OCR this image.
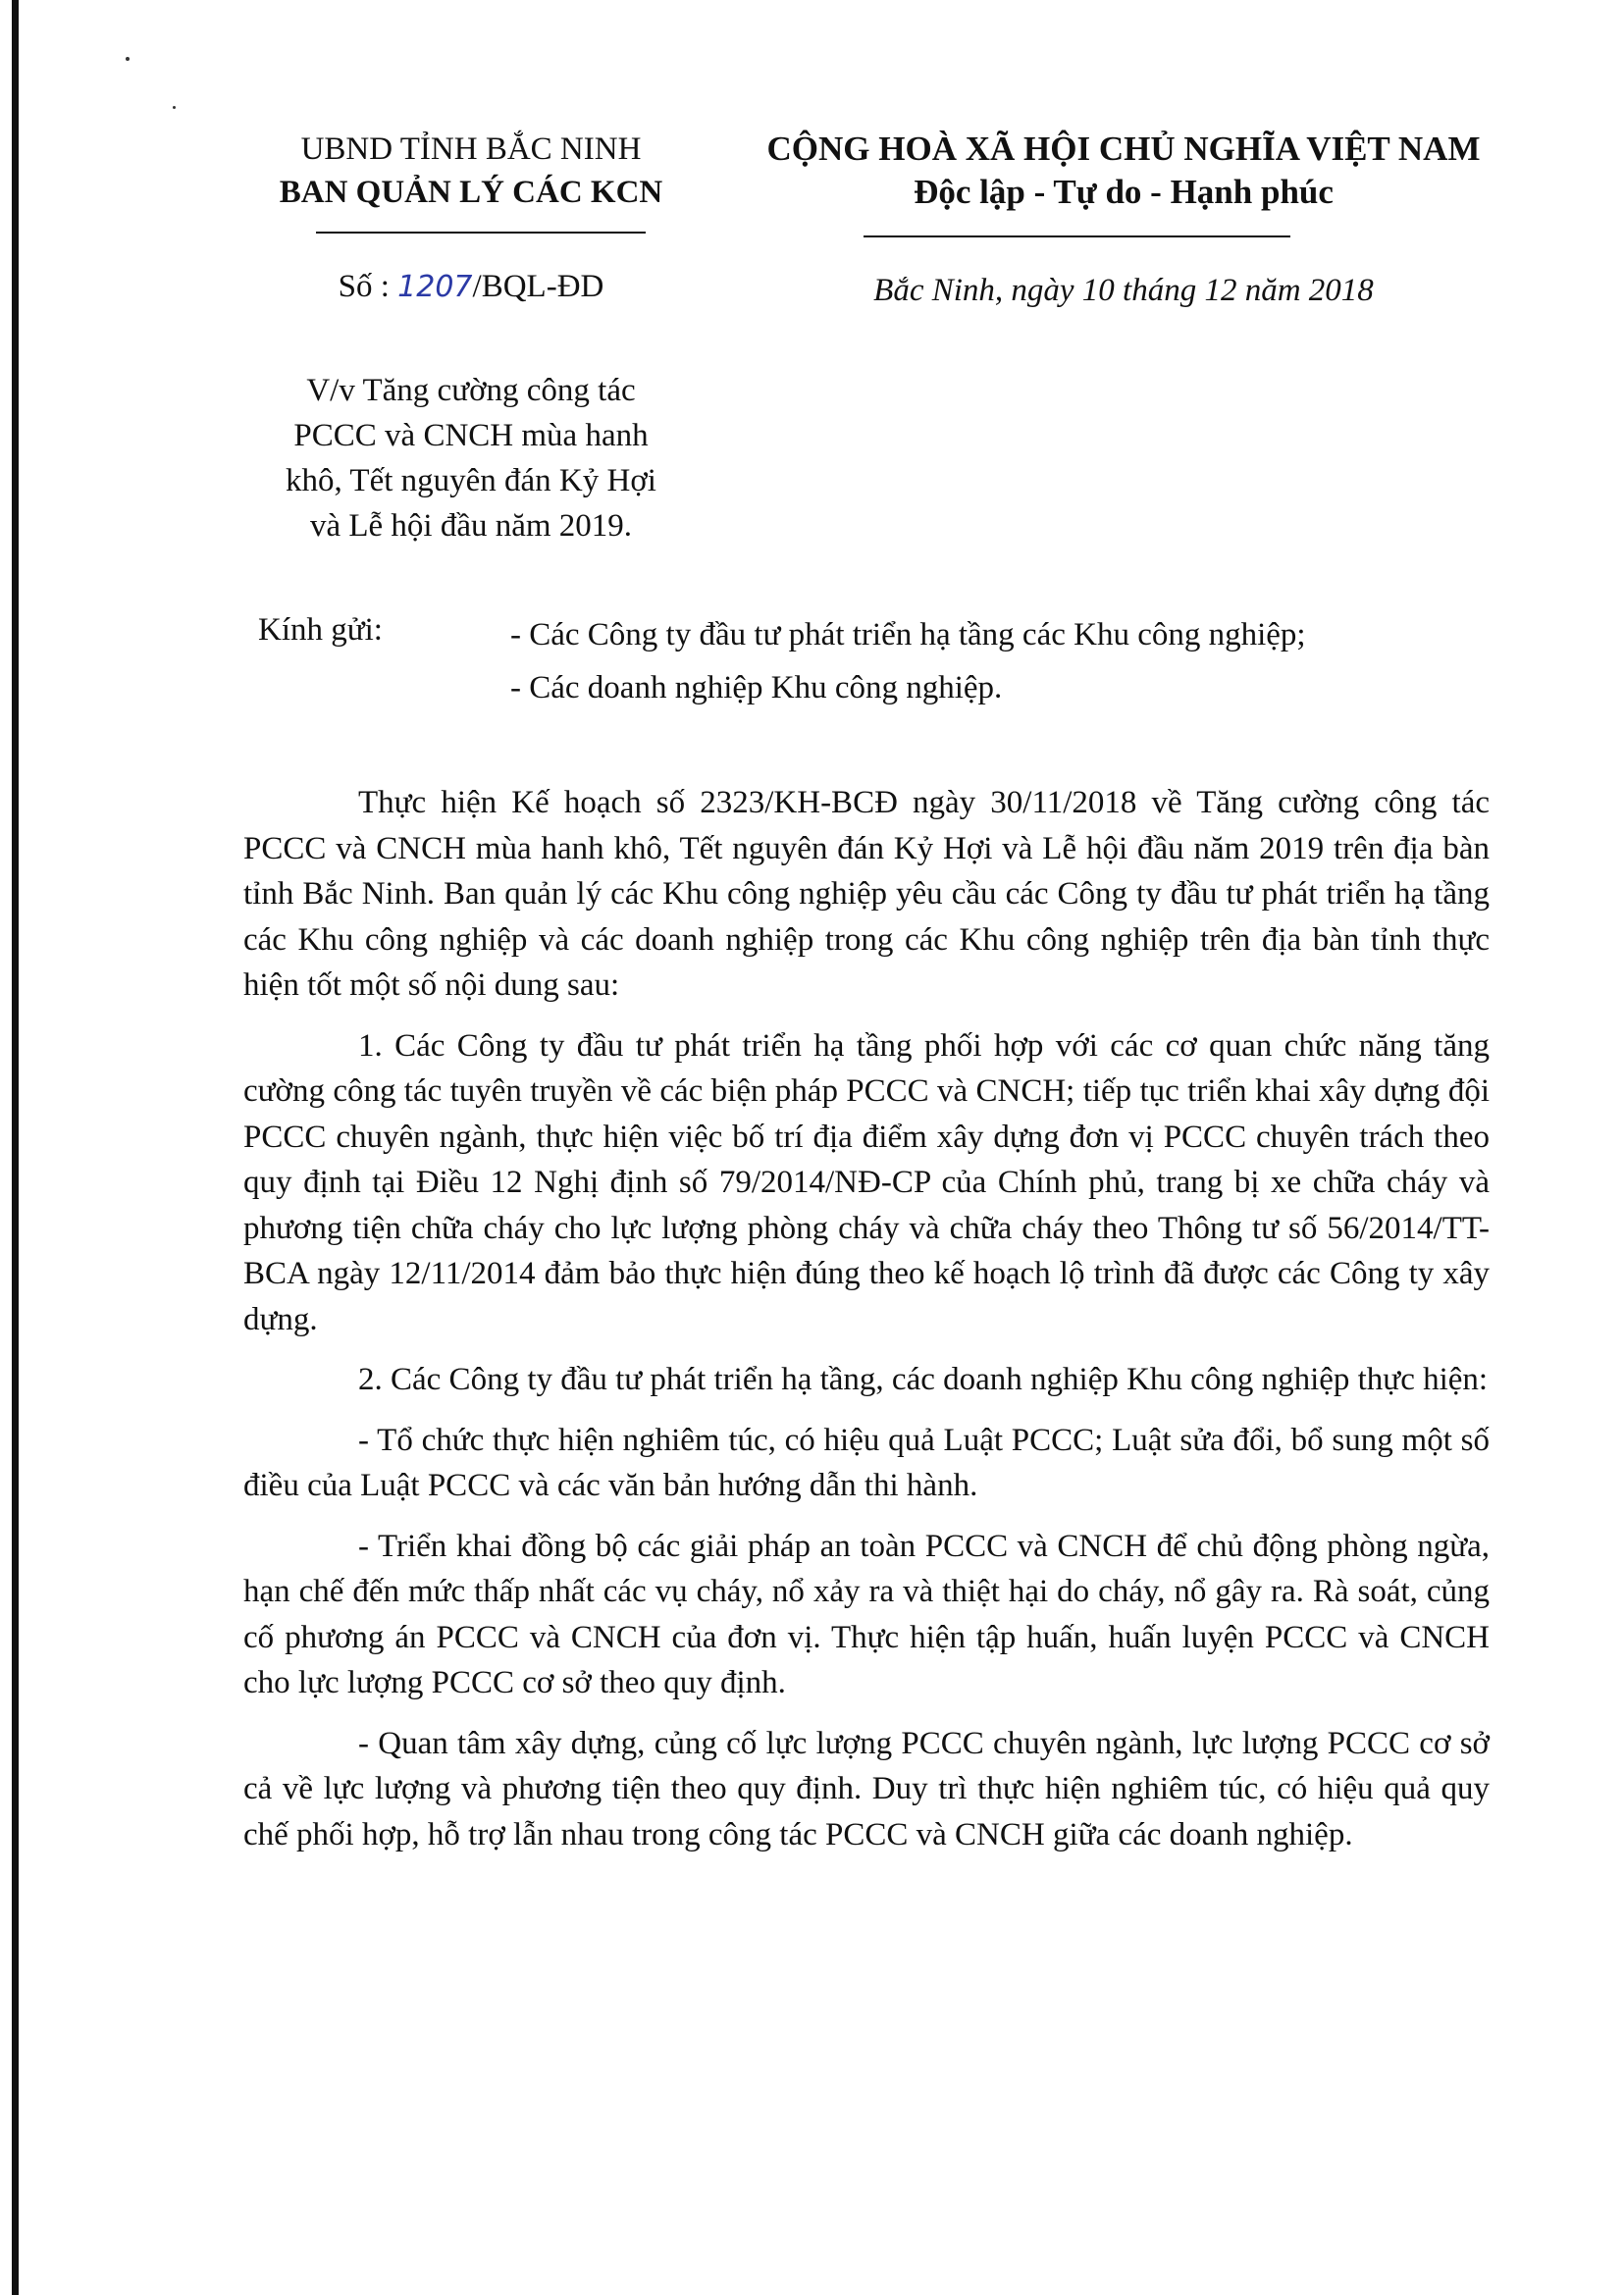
UBND TỈNH BẮC NINH
BAN QUẢN LÝ CÁC KCN
CỘNG HOÀ XÃ HỘI CHỦ NGHĨA VIỆT NAM
Độc lập - Tự do - Hạnh phúc
Số : 1207/BQL-ĐD	Bắc Ninh, ngày 10 tháng 12 năm 2018
V/v Tăng cường công tác
PCCC và CNCH mùa hanh
khô, Tết nguyên đán Kỷ Hợi
và Lễ hội đầu năm 2019.
Kính gửi:	- Các Công ty đầu tư phát triển hạ tầng các Khu công nghiệp;
- Các doanh nghiệp Khu công nghiệp.

Thực hiện Kế hoạch số 2323/KH-BCĐ ngày 30/11/2018 về Tăng cường công tác PCCC và CNCH mùa hanh khô, Tết nguyên đán Kỷ Hợi và Lễ hội đầu năm 2019 trên địa bàn tỉnh Bắc Ninh. Ban quản lý các Khu công nghiệp yêu cầu các Công ty đầu tư phát triển hạ tầng các Khu công nghiệp và các doanh nghiệp trong các Khu công nghiệp trên địa bàn tỉnh thực hiện tốt một số nội dung sau:

1. Các Công ty đầu tư phát triển hạ tầng phối hợp với các cơ quan chức năng tăng cường công tác tuyên truyền về các biện pháp PCCC và CNCH; tiếp tục triển khai xây dựng đội PCCC chuyên ngành, thực hiện việc bố trí địa điểm xây dựng đơn vị PCCC chuyên trách theo quy định tại Điều 12 Nghị định số 79/2014/NĐ-CP của Chính phủ, trang bị xe chữa cháy và phương tiện chữa cháy cho lực lượng phòng cháy và chữa cháy theo Thông tư số 56/2014/TT-BCA ngày 12/11/2014 đảm bảo thực hiện đúng theo kế hoạch lộ trình đã được các Công ty xây dựng.

2. Các Công ty đầu tư phát triển hạ tầng, các doanh nghiệp Khu công nghiệp thực hiện:

- Tổ chức thực hiện nghiêm túc, có hiệu quả Luật PCCC; Luật sửa đổi, bổ sung một số điều của Luật PCCC và các văn bản hướng dẫn thi hành.

- Triển khai đồng bộ các giải pháp an toàn PCCC và CNCH để chủ động phòng ngừa, hạn chế đến mức thấp nhất các vụ cháy, nổ xảy ra và thiệt hại do cháy, nổ gây ra. Rà soát, củng cố phương án PCCC và CNCH của đơn vị. Thực hiện tập huấn, huấn luyện PCCC và CNCH cho lực lượng PCCC cơ sở theo quy định.

- Quan tâm xây dựng, củng cố lực lượng PCCC chuyên ngành, lực lượng PCCC cơ sở cả về lực lượng và phương tiện theo quy định. Duy trì thực hiện nghiêm túc, có hiệu quả quy chế phối hợp, hỗ trợ lẫn nhau trong công tác PCCC và CNCH giữa các doanh nghiệp.
